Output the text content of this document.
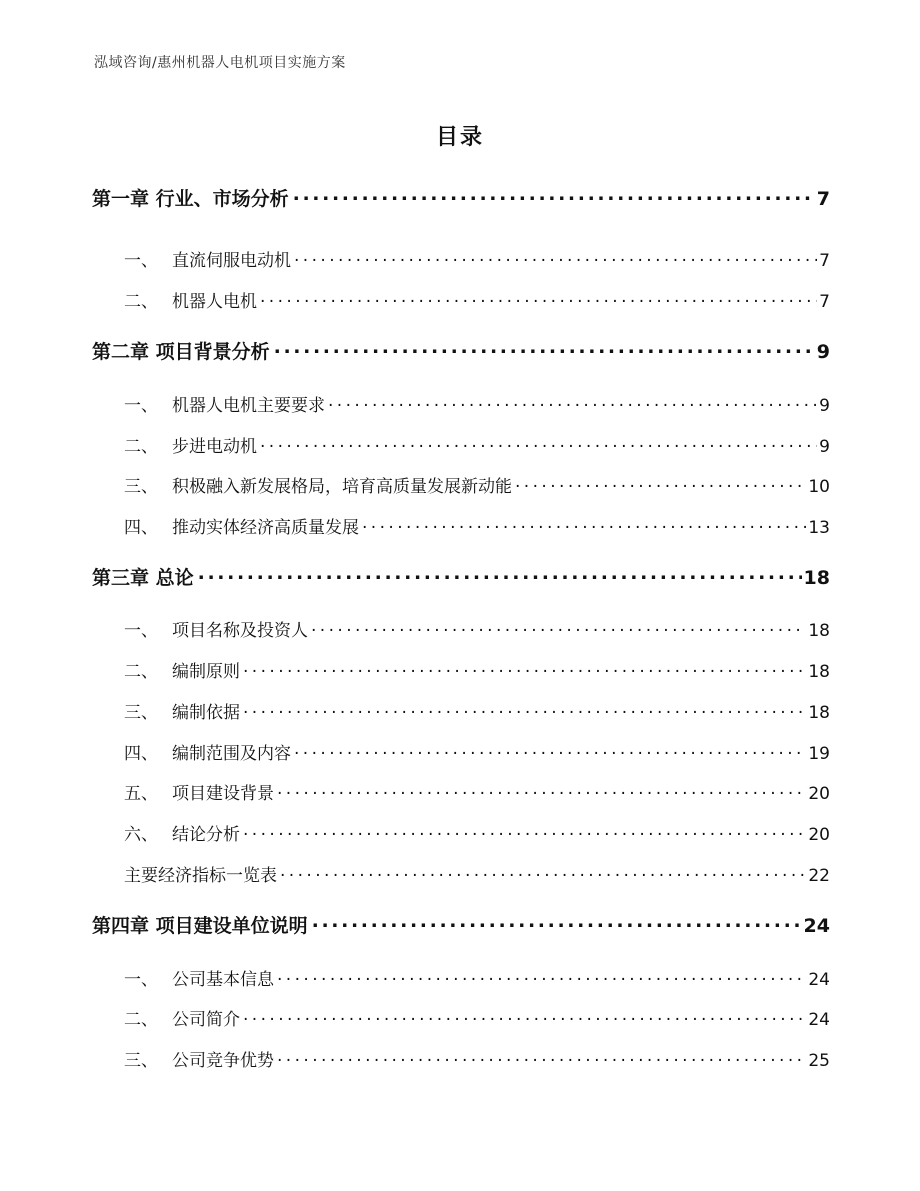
泓域咨询/惠州机器人电机项目实施方案
目录
第一章 行业、市场分析 . . .	7
一、 直流伺服电动机 . . .	7
二、 机器人电机 . . .	7
第二章 项目背景分析 . . .	9
一、 机器人电机主要要求 . . .	9
二、 步进电动机 . . .	9
三、 积极融入新发展格局，培育高质量发展新动能 . . .	10
四、 推动实体经济高质量发展 . . .	13
第三章 总论 . . .	18
一、 项目名称及投资人 . . .	18
二、 编制原则 . . .	18
三、 编制依据 . . .	18
四、 编制范围及内容 . . .	19
五、 项目建设背景 . . .	20
六、 结论分析 . . .	20
主要经济指标一览表 . . .	22
第四章 项目建设单位说明 . . .	24
一、 公司基本信息 . . .	24
二、 公司简介 . . .	24
三、 公司竞争优势 . . .	25
